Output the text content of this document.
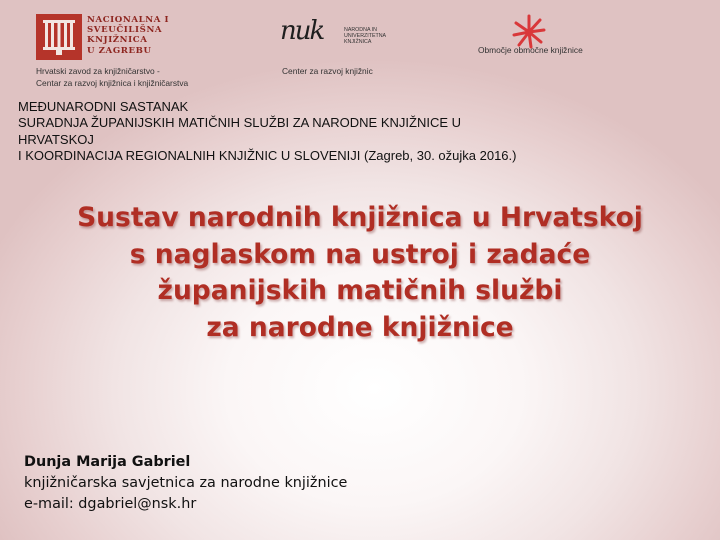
NACIONALNA I
SVEUČILIŠNA
KNJIŽNICA
U ZAGREBU
Hrvatski zavod za knjižničarstvo -
Centar za razvoj knjižnica i knjižničarstva
nuk	NARODNA IN
UNIVERZITETNA
KNJIŽNICA
Center za razvoj knjižnic
Območje območne knjižnice
MEĐUNARODNI SASTANAK
SURADNJA ŽUPANIJSKIH MATIČNIH SLUŽBI ZA NARODNE KNJIŽNICE U
HRVATSKOJ
I KOORDINACIJA REGIONALNIH KNJIŽNIC U SLOVENIJI (Zagreb, 30. ožujka 2016.)
Sustav narodnih knjižnica u Hrvatskoj
s naglaskom na ustroj i zadaće
županijskih matičnih službi
za narodne knjižnice
Dunja Marija Gabriel
knjižničarska savjetnica za narodne knjižnice
e-mail: dgabriel@nsk.hr
